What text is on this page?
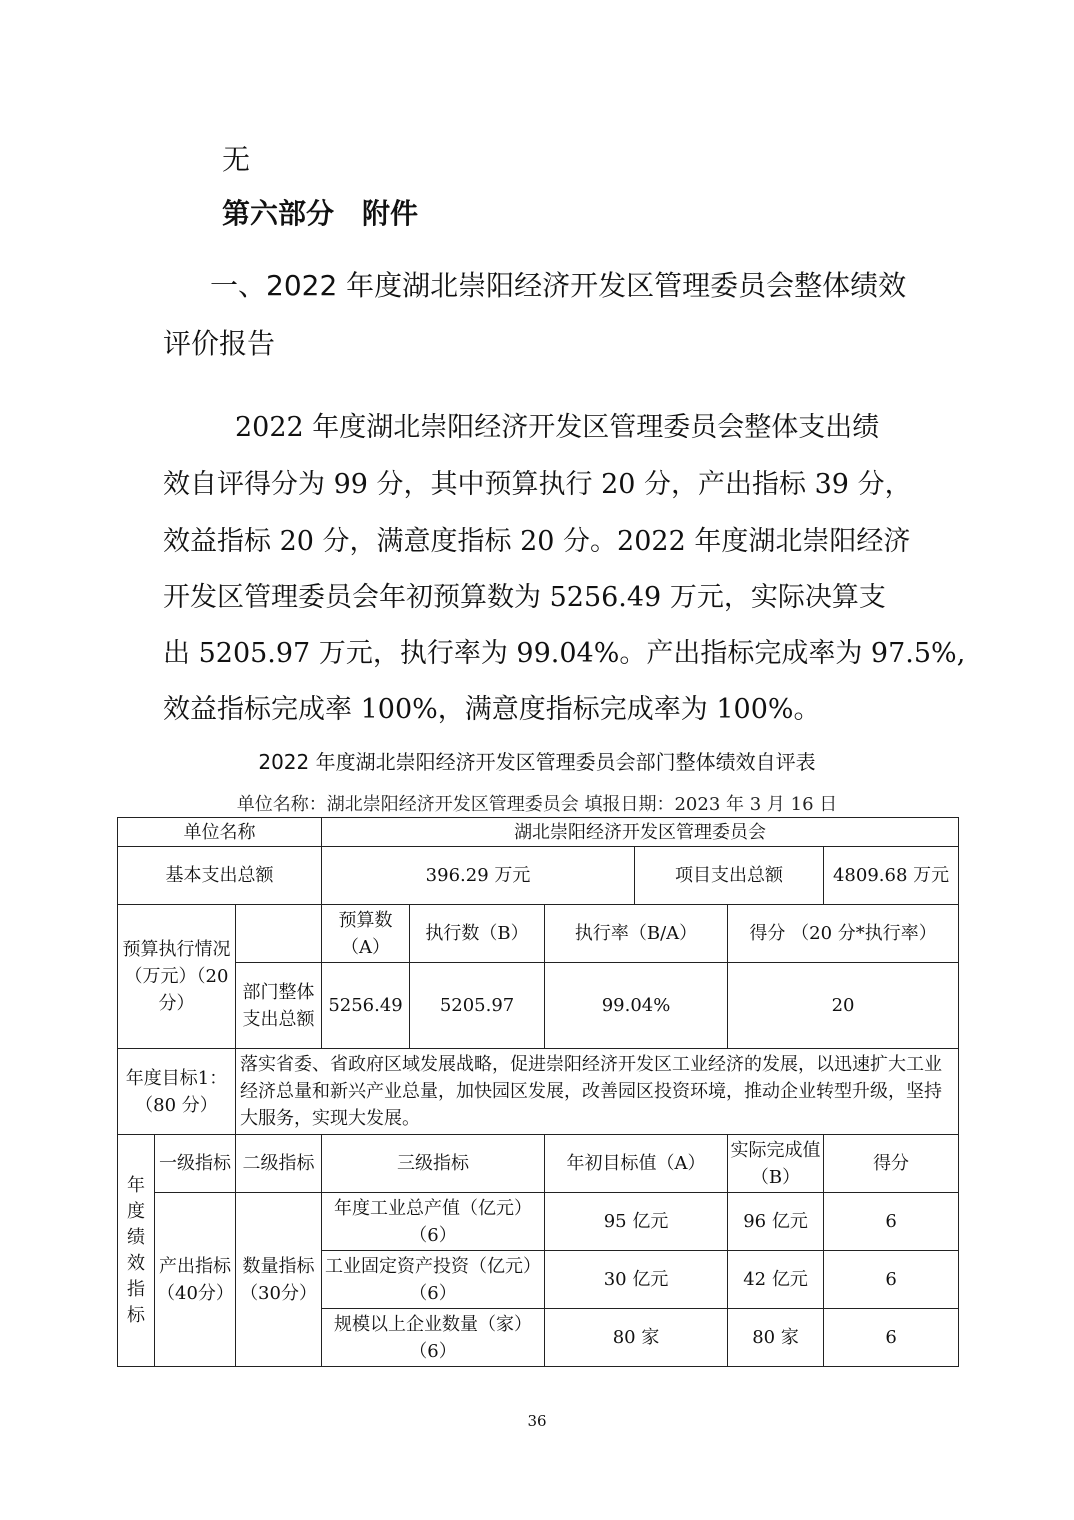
无

第六部分　附件

一、2022 年度湖北崇阳经济开发区管理委员会整体绩效

评价报告

2022 年度湖北崇阳经济开发区管理委员会整体支出绩
效自评得分为 99 分，其中预算执行 20 分，产出指标 39 分，
效益指标 20 分，满意度指标 20 分。2022 年度湖北崇阳经济
开发区管理委员会年初预算数为 5256.49 万元，实际决算支
出 5205.97 万元，执行率为 99.04%。产出指标完成率为 97.5%,
效益指标完成率 100%，满意度指标完成率为 100%。
2022 年度湖北崇阳经济开发区管理委员会部门整体绩效自评表
单位名称：湖北崇阳经济开发区管理委员会 填报日期：2023 年 3 月 16 日
单位名称			湖北崇阳经济开发区管理委员会					
基本支出总额			396.29 万元			项目支出总额		4809.68 万元
预算执行情况（万元）（20分）			预算数（A）	执行数（B）	执行率（B/A）		得分 （20 分*执行率）	
		部门整体支出总额	5256.49	5205.97	99.04%		20	
年度目标1：（80 分）		落实省委、省政府区域发展战略，促进崇阳经济开发区工业经济的发展，以迅速扩大工业经济总量和新兴产业总量，加快园区发展，改善园区投资环境，推动企业转型升级，坚持大服务，实现大发展。						

年度绩效指标	一级指标	二级指标	三级指标		年初目标值（A）		实际完成值（B）	得分
	产出指标（40分）	数量指标（30分）	年度工业总产值（亿元）（6）		95 亿元		96 亿元	6
			工业固定资产投资（亿元）（6）		30 亿元		42 亿元	6
			规模以上企业数量（家）（6）		80 家		80 家	6
36
